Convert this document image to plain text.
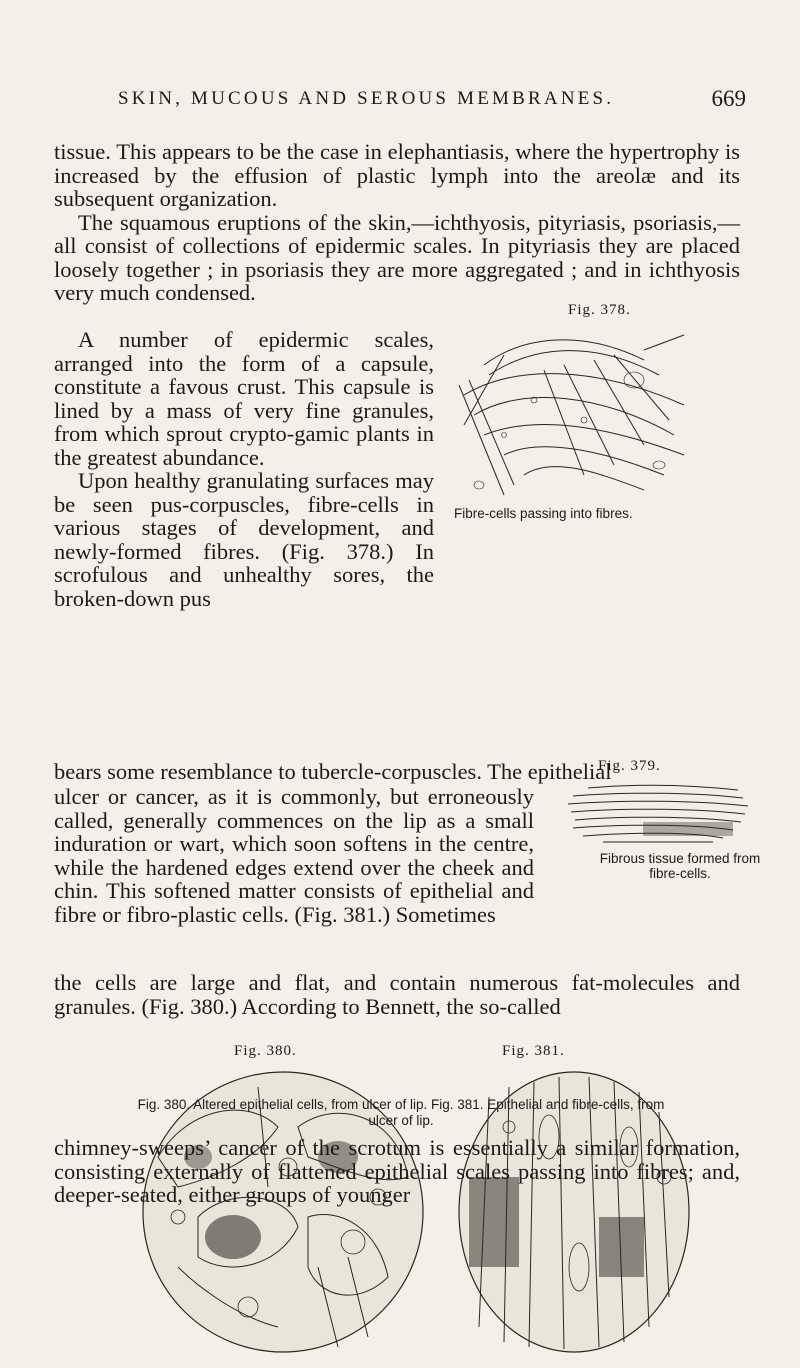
SKIN, MUCOUS AND SEROUS MEMBRANES.	669

tissue. This appears to be the case in elephantiasis, where the hypertrophy is increased by the effusion of plastic lymph into the areolæ and its subsequent organization.

The squamous eruptions of the skin,—ichthyosis, pityriasis, psoriasis,—all consist of collections of epidermic scales. In pityriasis they are placed loosely together ; in psoriasis they are more aggregated ; and in ichthyosis very much condensed.

A number of epidermic scales, arranged into the form of a capsule, constitute a favous crust. This capsule is lined by a mass of very fine granules, from which sprout crypto-gamic plants in the greatest abundance.

Upon healthy granulating surfaces may be seen pus-corpuscles, fibre-cells in various stages of development, and newly-formed fibres. (Fig. 378.) In scrofulous and unhealthy sores, the broken-down pus

bears some resemblance to tubercle-corpuscles. The epithelial

ulcer or cancer, as it is commonly, but erroneously called, generally commences on the lip as a small induration or wart, which soon softens in the centre, while the hardened edges extend over the cheek and chin. This softened matter consists of epithelial and fibre or fibro-plastic cells. (Fig. 381.) Sometimes

the cells are large and flat, and contain numerous fat-molecules and granules. (Fig. 380.) According to Bennett, the so-called

Fig. 378.
Fibre-cells passing into fibres.
Fig. 379.
Fibrous tissue formed from
fibre-cells.
Fig. 380.	Fig. 381.

chimney-sweeps’ cancer of the scrotum is essentially a similar formation, consisting externally of flattened epithelial scales passing into fibres; and, deeper-seated, either groups of younger

Fig. 380. Altered epithelial cells, from ulcer of lip. Fig. 381. Epithelial and fibre-cells, from
ulcer of lip.
